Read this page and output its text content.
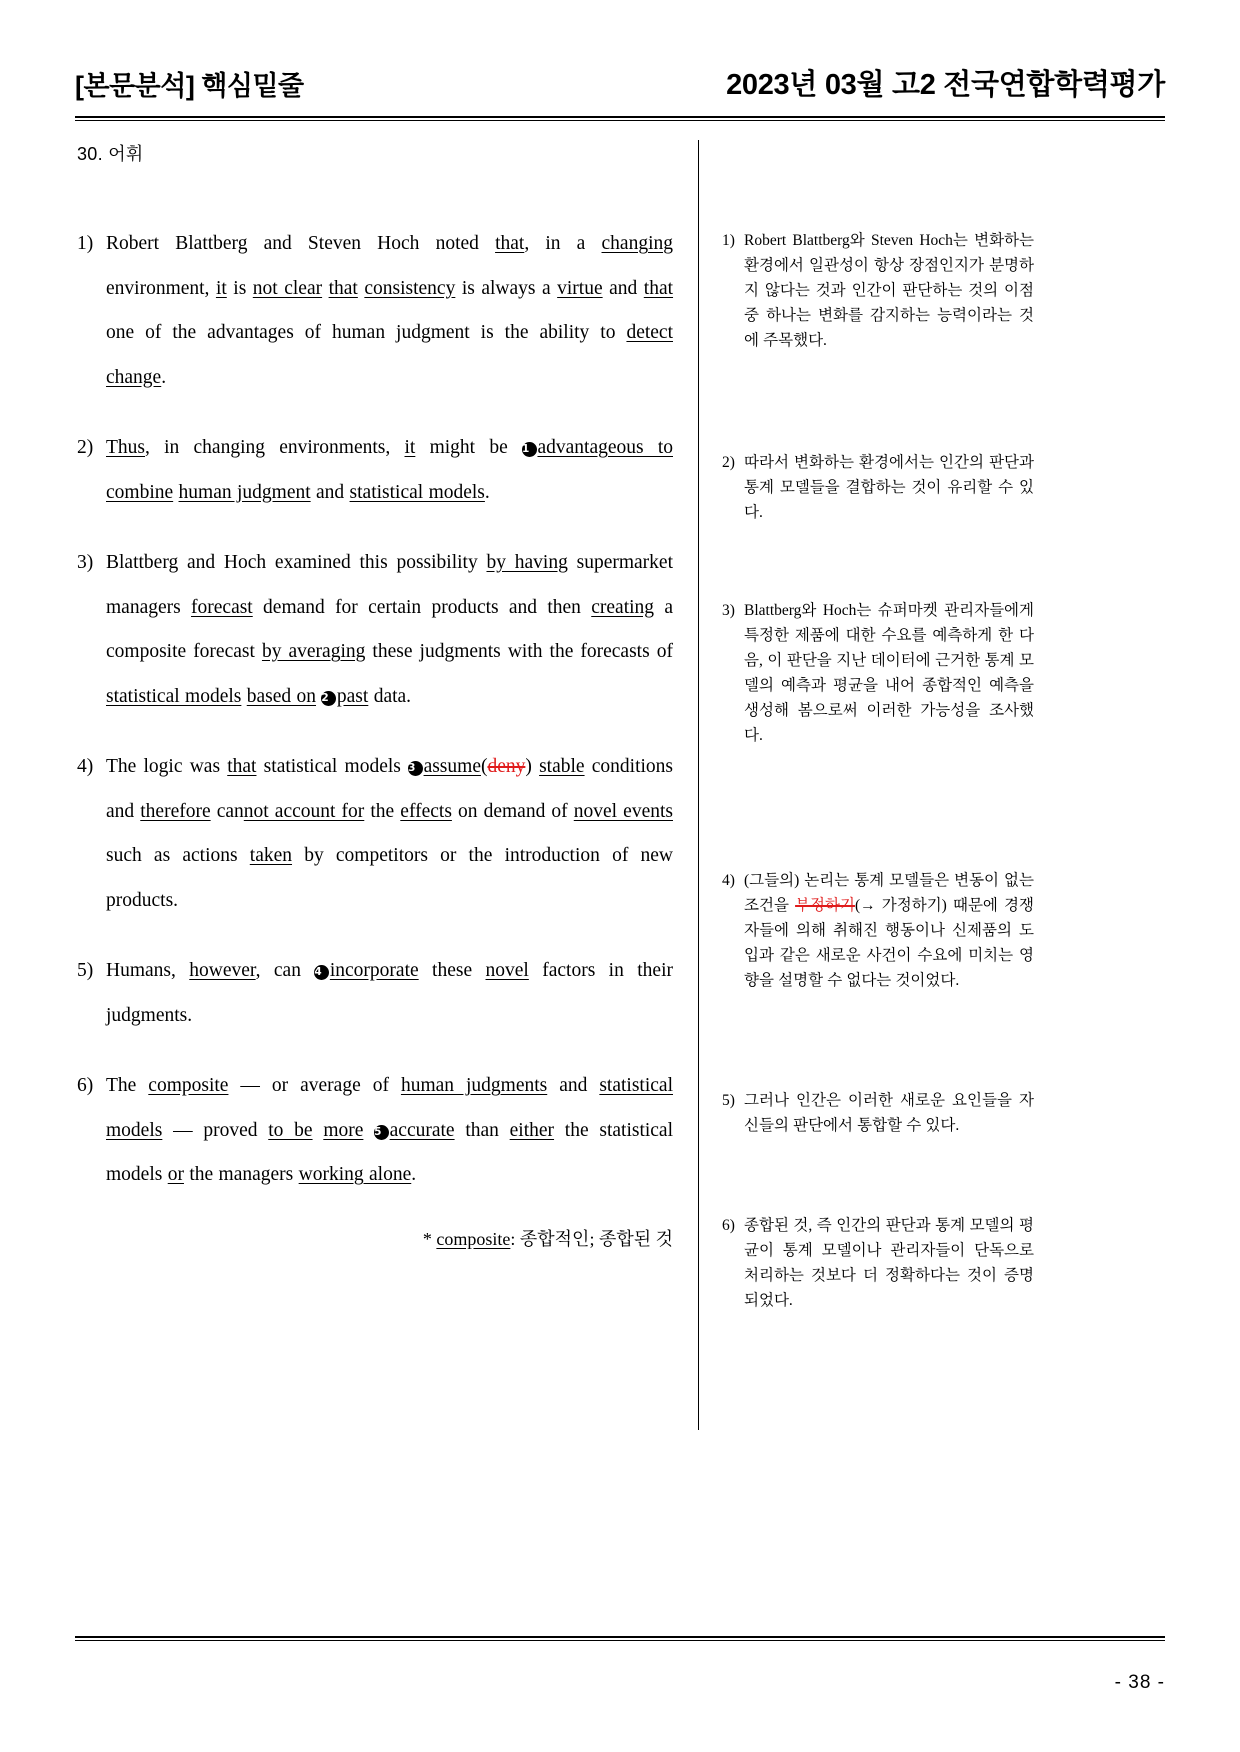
[본문분석] 핵심밑줄	2023년 03월 고2 전국연합학력평가
30. 어휘
1) Robert Blattberg and Steven Hoch noted that, in a changing environment, it is not clear that consistency is always a virtue and that one of the advantages of human judgment is the ability to detect change.
2) Thus, in changing environments, it might be 1 advantageous to combine human judgment and statistical models.
3) Blattberg and Hoch examined this possibility by having supermarket managers forecast demand for certain products and then creating a composite forecast by averaging these judgments with the forecasts of statistical models based on 2 past data.
4) The logic was that statistical models 3 assume(deny) stable conditions and therefore cannot account for the effects on demand of novel events such as actions taken by competitors or the introduction of new products.
5) Humans, however, can 4 incorporate these novel factors in their judgments.
6) The composite — or average of human judgments and statistical models — proved to be more 5 accurate than either the statistical models or the managers working alone.
* composite: 종합적인; 종합된 것
1) Robert Blattberg와 Steven Hoch는 변화하는 환경에서 일관성이 항상 장점인지가 분명하지 않다는 것과 인간이 판단하는 것의 이점 중 하나는 변화를 감지하는 능력이라는 것에 주목했다.
2) 따라서 변화하는 환경에서는 인간의 판단과 통계 모델들을 결합하는 것이 유리할 수 있다.
3) Blattberg와 Hoch는 슈퍼마켓 관리자들에게 특정한 제품에 대한 수요를 예측하게 한 다음, 이 판단을 지난 데이터에 근거한 통계 모델의 예측과 평균을 내어 종합적인 예측을 생성해 봄으로써 이러한 가능성을 조사했다.
4) (그들의) 논리는 통계 모델들은 변동이 없는 조건을 부정하기(→ 가정하기) 때문에 경쟁자들에 의해 취해진 행동이나 신제품의 도입과 같은 새로운 사건이 수요에 미치는 영향을 설명할 수 없다는 것이었다.
5) 그러나 인간은 이러한 새로운 요인들을 자신들의 판단에서 통합할 수 있다.
6) 종합된 것, 즉 인간의 판단과 통계 모델의 평균이 통계 모델이나 관리자들이 단독으로 처리하는 것보다 더 정확하다는 것이 증명되었다.
- 38 -
